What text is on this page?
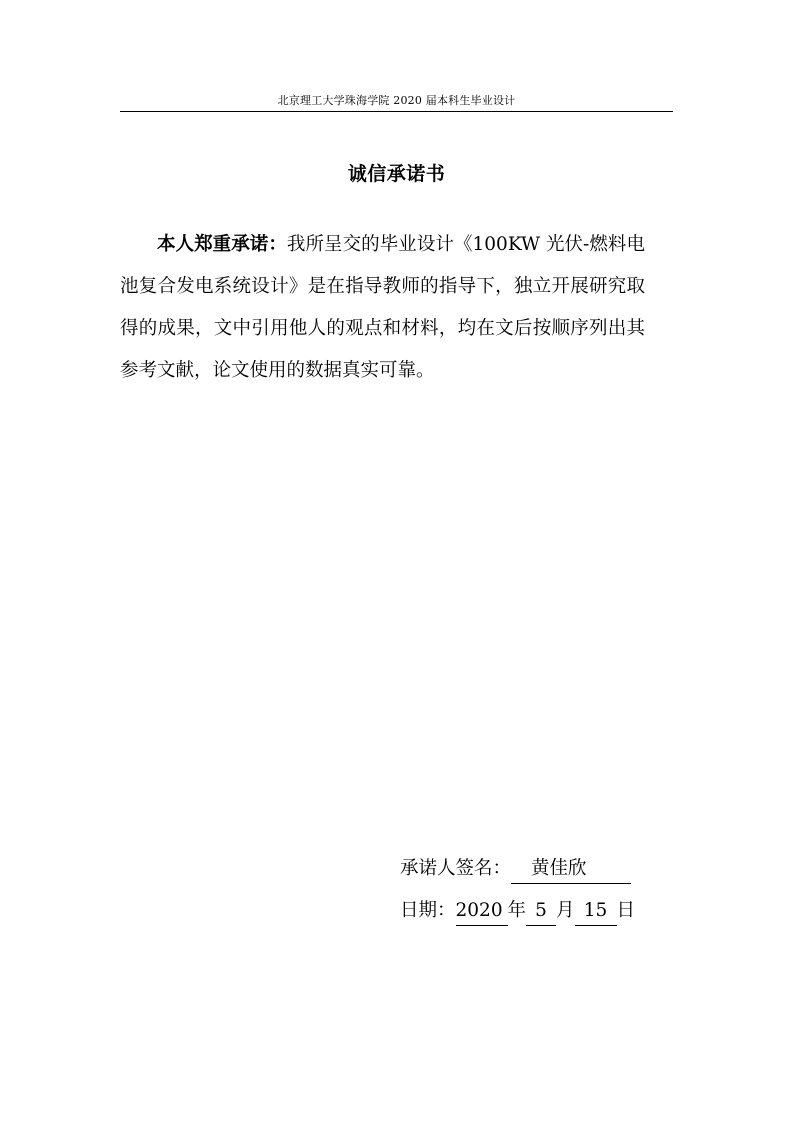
北京理工大学珠海学院 2020 届本科生毕业设计
诚信承诺书
本人郑重承诺：我所呈交的毕业设计《100KW 光伏-燃料电池复合发电系统设计》是在指导教师的指导下，独立开展研究取得的成果，文中引用他人的观点和材料，均在文后按顺序列出其参考文献，论文使用的数据真实可靠。
承诺人签名： 黄佳欣
日期：2020 年 5 月 15 日
